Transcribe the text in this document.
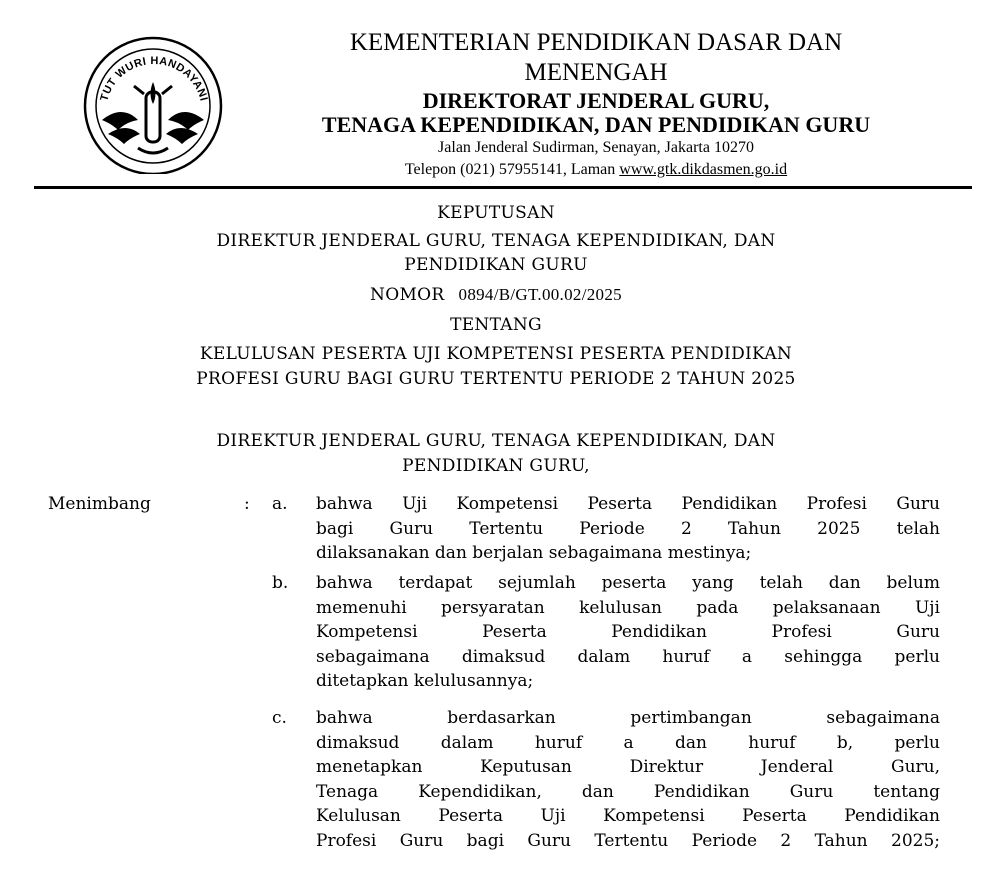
TUT WURI HANDAYANI
KEMENTERIAN PENDIDIKAN DASAR DAN
MENENGAH
DIREKTORAT JENDERAL GURU,
TENAGA KEPENDIDIKAN, DAN PENDIDIKAN GURU
Jalan Jenderal Sudirman, Senayan, Jakarta 10270
Telepon (021) 57955141, Laman www.gtk.dikdasmen.go.id
KEPUTUSAN
DIREKTUR JENDERAL GURU, TENAGA KEPENDIDIKAN, DAN
PENDIDIKAN GURU
NOMOR 0894/B/GT.00.02/2025
TENTANG
KELULUSAN PESERTA UJI KOMPETENSI PESERTA PENDIDIKAN
PROFESI GURU BAGI GURU TERTENTU PERIODE 2 TAHUN 2025
DIREKTUR JENDERAL GURU, TENAGA KEPENDIDIKAN, DAN
PENDIDIKAN GURU,
Menimbang	: a. bahwa Uji Kompetensi Peserta Pendidikan Profesi Guru
bagi Guru Tertentu Periode 2 Tahun 2025 telah
dilaksanakan dan berjalan sebagaimana mestinya;
b. bahwa terdapat sejumlah peserta yang telah dan belum
memenuhi persyaratan kelulusan pada pelaksanaan Uji
Kompetensi Peserta Pendidikan Profesi Guru
sebagaimana dimaksud dalam huruf a sehingga perlu
ditetapkan kelulusannya;
c. bahwa berdasarkan pertimbangan sebagaimana
dimaksud dalam huruf a dan huruf b, perlu
menetapkan Keputusan Direktur Jenderal Guru,
Tenaga Kependidikan, dan Pendidikan Guru tentang
Kelulusan Peserta Uji Kompetensi Peserta Pendidikan
Profesi Guru bagi Guru Tertentu Periode 2 Tahun 2025;
